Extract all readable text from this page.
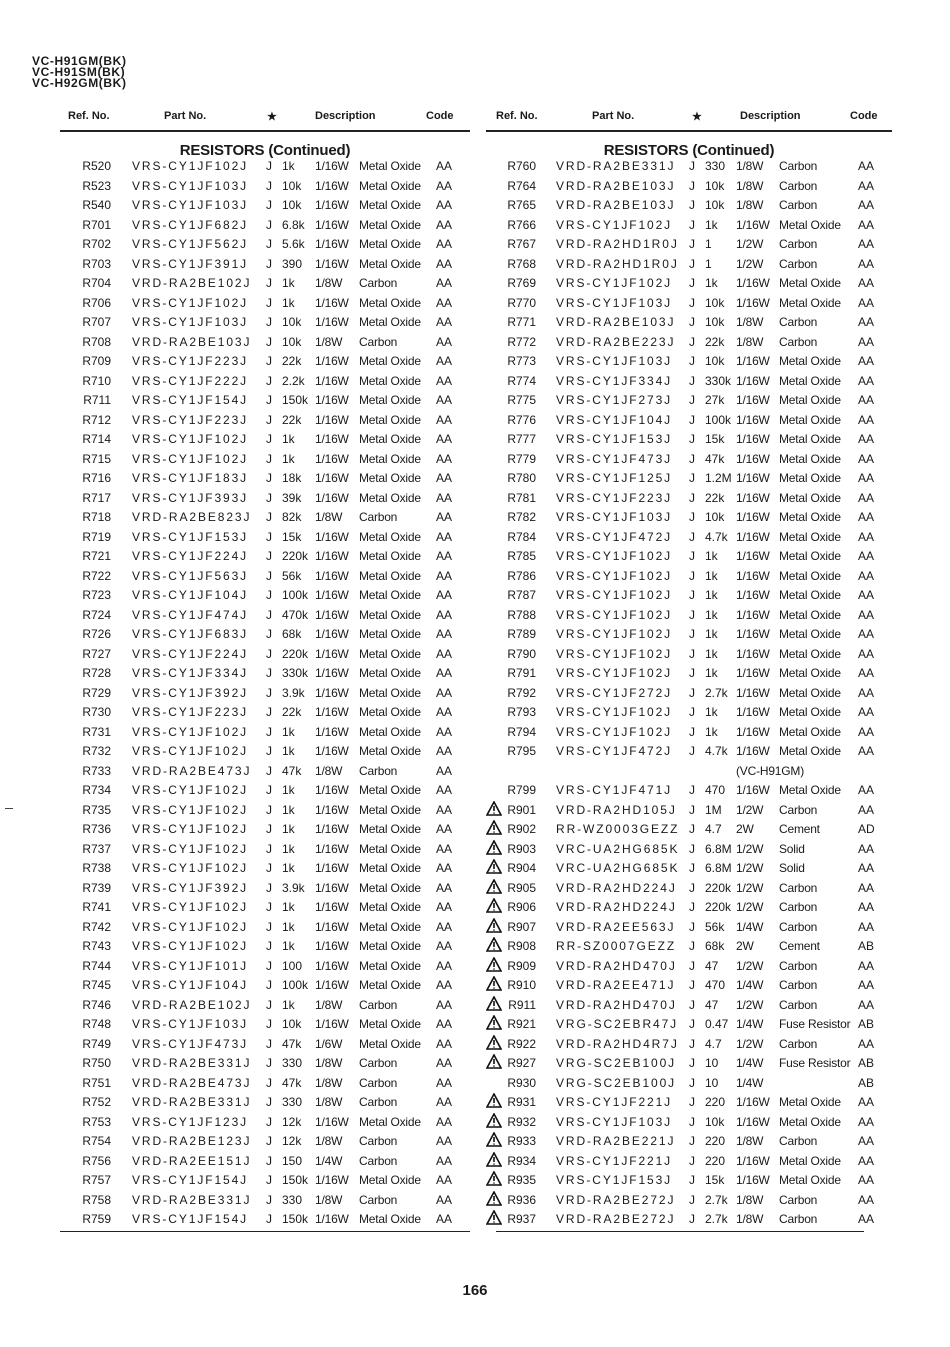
VC-H91GM(BK)
VC-H91SM(BK)
VC-H92GM(BK)
Ref. No.	Part No.	★	Description	Code
RESISTORS (Continued)
R520 VRS-CY1JF102J J 1k 1/16W Metal Oxide AA
R523 VRS-CY1JF103J J 10k 1/16W Metal Oxide AA
R540 VRS-CY1JF103J J 10k 1/16W Metal Oxide AA
R701 VRS-CY1JF682J J 6.8k 1/16W Metal Oxide AA
R702 VRS-CY1JF562J J 5.6k 1/16W Metal Oxide AA
R703 VRS-CY1JF391J J 390 1/16W Metal Oxide AA
R704 VRD-RA2BE102J J 1k 1/8W Carbon	AA
R706 VRS-CY1JF102J J 1k 1/16W Metal Oxide AA
R707 VRS-CY1JF103J J 10k 1/16W Metal Oxide AA
R708 VRD-RA2BE103J J 10k 1/8W Carbon	AA
R709 VRS-CY1JF223J J 22k 1/16W Metal Oxide AA
R710 VRS-CY1JF222J J 2.2k 1/16W Metal Oxide AA
R711 VRS-CY1JF154J J 150k 1/16W Metal Oxide AA
R712 VRS-CY1JF223J J 22k 1/16W Metal Oxide AA
R714 VRS-CY1JF102J J 1k 1/16W Metal Oxide AA
R715 VRS-CY1JF102J J 1k 1/16W Metal Oxide AA
R716 VRS-CY1JF183J J 18k 1/16W Metal Oxide AA
R717 VRS-CY1JF393J J 39k 1/16W Metal Oxide AA
R718 VRD-RA2BE823J J 82k 1/8W Carbon	AA
R719 VRS-CY1JF153J J 15k 1/16W Metal Oxide AA
R721 VRS-CY1JF224J J 220k 1/16W Metal Oxide AA
R722 VRS-CY1JF563J J 56k 1/16W Metal Oxide AA
R723 VRS-CY1JF104J J 100k 1/16W Metal Oxide AA
R724 VRS-CY1JF474J J 470k 1/16W Metal Oxide AA
R726 VRS-CY1JF683J J 68k 1/16W Metal Oxide AA
R727 VRS-CY1JF224J J 220k 1/16W Metal Oxide AA
R728 VRS-CY1JF334J J 330k 1/16W Metal Oxide AA
R729 VRS-CY1JF392J J 3.9k 1/16W Metal Oxide AA
R730 VRS-CY1JF223J J 22k 1/16W Metal Oxide AA
R731 VRS-CY1JF102J J 1k 1/16W Metal Oxide AA
R732 VRS-CY1JF102J J 1k 1/16W Metal Oxide AA
R733 VRD-RA2BE473J J 47k 1/8W Carbon	AA
R734 VRS-CY1JF102J J 1k 1/16W Metal Oxide AA
R735 VRS-CY1JF102J J 1k 1/16W Metal Oxide AA
R736 VRS-CY1JF102J J 1k 1/16W Metal Oxide AA
R737 VRS-CY1JF102J J 1k 1/16W Metal Oxide AA
R738 VRS-CY1JF102J J 1k 1/16W Metal Oxide AA
R739 VRS-CY1JF392J J 3.9k 1/16W Metal Oxide AA
R741 VRS-CY1JF102J J 1k 1/16W Metal Oxide AA
R742 VRS-CY1JF102J J 1k 1/16W Metal Oxide AA
R743 VRS-CY1JF102J J 1k 1/16W Metal Oxide AA
R744 VRS-CY1JF101J J 100 1/16W Metal Oxide AA
R745 VRS-CY1JF104J J 100k 1/16W Metal Oxide AA
R746 VRD-RA2BE102J J 1k 1/8W Carbon	AA
R748 VRS-CY1JF103J J 10k 1/16W Metal Oxide AA
R749 VRS-CY1JF473J J 47k 1/6W Metal Oxide AA
R750 VRD-RA2BE331J J 330 1/8W Carbon	AA
R751 VRD-RA2BE473J J 47k 1/8W Carbon	AA
R752 VRD-RA2BE331J J 330 1/8W Carbon	AA
R753 VRS-CY1JF123J J 12k 1/16W Metal Oxide AA
R754 VRD-RA2BE123J J 12k 1/8W Carbon	AA
R756 VRD-RA2EE151J J 150 1/4W Carbon	AA
R757 VRS-CY1JF154J J 150k 1/16W Metal Oxide AA
R758 VRD-RA2BE331J J 330 1/8W Carbon	AA
R759 VRS-CY1JF154J J 150k 1/16W Metal Oxide AA
Ref. No.	Part No.	★	Description	Code
RESISTORS (Continued)
R760 VRD-RA2BE331J J 330 1/8W Carbon	AA
R764 VRD-RA2BE103J J 10k 1/8W Carbon	AA
R765 VRD-RA2BE103J J 10k 1/8W Carbon	AA
R766 VRS-CY1JF102J J 1k 1/16W Metal Oxide AA
R767 VRD-RA2HD1R0J J 1 1/2W Carbon	AA
R768 VRD-RA2HD1R0J J 1 1/2W Carbon	AA
R769 VRS-CY1JF102J J 1k 1/16W Metal Oxide AA
R770 VRS-CY1JF103J J 10k 1/16W Metal Oxide AA
R771 VRD-RA2BE103J J 10k 1/8W Carbon	AA
R772 VRD-RA2BE223J J 22k 1/8W Carbon	AA
R773 VRS-CY1JF103J J 10k 1/16W Metal Oxide AA
R774 VRS-CY1JF334J J 330k 1/16W Metal Oxide AA
R775 VRS-CY1JF273J J 27k 1/16W Metal Oxide AA
R776 VRS-CY1JF104J J 100k 1/16W Metal Oxide AA
R777 VRS-CY1JF153J J 15k 1/16W Metal Oxide AA
R779 VRS-CY1JF473J J 47k 1/16W Metal Oxide AA
R780 VRS-CY1JF125J J 1.2M 1/16W Metal Oxide AA
R781 VRS-CY1JF223J J 22k 1/16W Metal Oxide AA
R782 VRS-CY1JF103J J 10k 1/16W Metal Oxide AA
R784 VRS-CY1JF472J J 4.7k 1/16W Metal Oxide AA
R785 VRS-CY1JF102J J 1k 1/16W Metal Oxide AA
R786 VRS-CY1JF102J J 1k 1/16W Metal Oxide AA
R787 VRS-CY1JF102J J 1k 1/16W Metal Oxide AA
R788 VRS-CY1JF102J J 1k 1/16W Metal Oxide AA
R789 VRS-CY1JF102J J 1k 1/16W Metal Oxide AA
R790 VRS-CY1JF102J J 1k 1/16W Metal Oxide AA
R791 VRS-CY1JF102J J 1k 1/16W Metal Oxide AA
R792 VRS-CY1JF272J J 2.7k 1/16W Metal Oxide AA
R793 VRS-CY1JF102J J 1k 1/16W Metal Oxide AA
R794 VRS-CY1JF102J J 1k 1/16W Metal Oxide AA
R795 VRS-CY1JF472J J 4.7k 1/16W Metal Oxide AA
(VC-H91GM)
R799 VRS-CY1JF471J J 470 1/16W Metal Oxide AA
R901 VRD-RA2HD105J J 1M 1/2W Carbon	AA
R902 RR-WZ0003GEZZ J 4.7 2W Cement	AD
R903 VRC-UA2HG685K J 6.8M 1/2W Solid	AA
R904 VRC-UA2HG685K J 6.8M 1/2W Solid	AA
R905 VRD-RA2HD224J J 220k 1/2W Carbon	AA
R906 VRD-RA2HD224J J 220k 1/2W Carbon	AA
R907 VRD-RA2EE563J J 56k 1/4W Carbon	AA
R908 RR-SZ0007GEZZ J 68k 2W Cement	AB
R909 VRD-RA2HD470J J 47 1/2W Carbon	AA
R910 VRD-RA2EE471J J 470 1/4W Carbon	AA
R911 VRD-RA2HD470J J 47 1/2W Carbon	AA
R921 VRG-SC2EBR47J J 0.47 1/4W Fuse Resistor AB
R922 VRD-RA2HD4R7J J 4.7 1/2W Carbon	AA
R927 VRG-SC2EB100J J 10 1/4W Fuse Resistor AB
R930 VRG-SC2EB100J J 10 1/4W	AB
R931 VRS-CY1JF221J J 220 1/16W Metal Oxide AA
R932 VRS-CY1JF103J J 10k 1/16W Metal Oxide AA
R933 VRD-RA2BE221J J 220 1/8W Carbon	AA
R934 VRS-CY1JF221J J 220 1/16W Metal Oxide AA
R935 VRS-CY1JF153J J 15k 1/16W Metal Oxide AA
R936 VRD-RA2BE272J J 2.7k 1/8W Carbon	AA
R937 VRD-RA2BE272J J 2.7k 1/8W Carbon	AA
166
